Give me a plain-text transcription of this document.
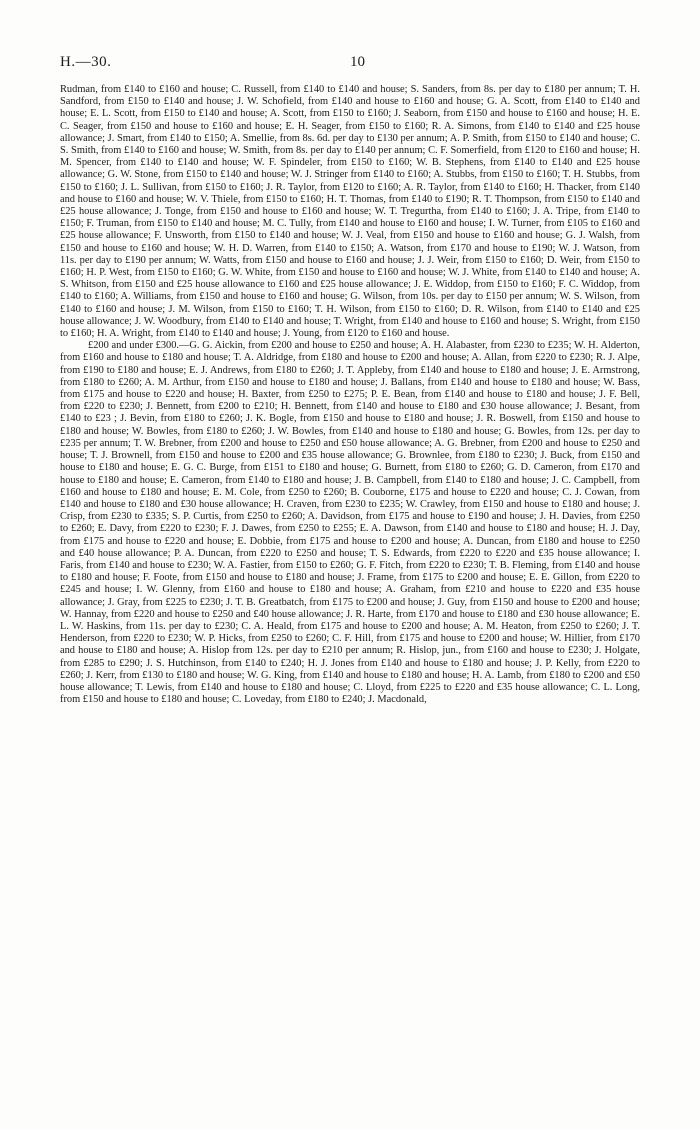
H.—30.	10

Rudman, from £140 to £160 and house; C. Russell, from £140 to £140 and house; S. Sanders, from 8s. per day to £180 per annum; T. H. Sandford, from £150 to £140 and house; J. W. Schofield, from £140 and house to £160 and house; G. A. Scott, from £140 to £140 and house; E. L. Scott, from £150 to £140 and house; A. Scott, from £150 to £160; J. Seaborn, from £150 and house to £160 and house; H. E. C. Seager, from £150 and house to £160 and house; E. H. Seager, from £150 to £160; R. A. Simons, from £140 to £140 and £25 house allowance; J. Smart, from £140 to £150; A. Smellie, from 8s. 6d. per day to £130 per annum; A. P. Smith, from £150 to £140 and house; C. S. Smith, from £140 to £160 and house; W. Smith, from 8s. per day to £140 per annum; C. F. Somerfield, from £120 to £160 and house; H. M. Spencer, from £140 to £140 and house; W. F. Spindeler, from £150 to £160; W. B. Stephens, from £140 to £140 and £25 house allowance; G. W. Stone, from £150 to £140 and house; W. J. Stringer from £140 to £160; A. Stubbs, from £150 to £160; T. H. Stubbs, from £150 to £160; J. L. Sullivan, from £150 to £160; J. R. Taylor, from £120 to £160; A. R. Taylor, from £140 to £160; H. Thacker, from £140 and house to £160 and house; W. V. Thiele, from £150 to £160; H. T. Thomas, from £140 to £190; R. T. Thompson, from £150 to £140 and £25 house allowance; J. Tonge, from £150 and house to £160 and house; W. T. Tregurtha, from £140 to £160; J. A. Tripe, from £140 to £150; F. Truman, from £150 to £140 and house; M. C. Tully, from £140 and house to £160 and house; I. W. Turner, from £105 to £160 and £25 house allowance; F. Unsworth, from £150 to £140 and house; W. J. Veal, from £150 and house to £160 and house; G. J. Walsh, from £150 and house to £160 and house; W. H. D. Warren, from £140 to £150; A. Watson, from £170 and house to £190; W. J. Watson, from 11s. per day to £190 per annum; W. Watts, from £150 and house to £160 and house; J. J. Weir, from £150 to £160; D. Weir, from £150 to £160; H. P. West, from £150 to £160; G. W. White, from £150 and house to £160 and house; W. J. White, from £140 to £140 and house; A. S. Whitson, from £150 and £25 house allowance to £160 and £25 house allowance; J. E. Widdop, from £150 to £160; F. C. Widdop, from £140 to £160; A. Williams, from £150 and house to £160 and house; G. Wilson, from 10s. per day to £150 per annum; W. S. Wilson, from £140 to £160 and house; J. M. Wilson, from £150 to £160; T. H. Wilson, from £150 to £160; D. R. Wilson, from £140 to £140 and £25 house allowance; J. W. Woodbury, from £140 to £140 and house; T. Wright, from £140 and house to £160 and house; S. Wright, from £150 to £160; H. A. Wright, from £140 to £140 and house; J. Young, from £120 to £160 and house.

£200 and under £300.—G. G. Aickin, from £200 and house to £250 and house; A. H. Alabaster, from £230 to £235; W. H. Alderton, from £160 and house to £180 and house; T. A. Aldridge, from £180 and house to £200 and house; A. Allan, from £220 to £230; R. J. Alpe, from £190 to £180 and house; E. J. Andrews, from £180 to £260; J. T. Appleby, from £140 and house to £180 and house; J. E. Armstrong, from £180 to £260; A. M. Arthur, from £150 and house to £180 and house; J. Ballans, from £140 and house to £180 and house; W. Bass, from £175 and house to £220 and house; H. Baxter, from £250 to £275; P. E. Bean, from £140 and house to £180 and house; J. F. Bell, from £220 to £230; J. Bennett, from £200 to £210; H. Bennett, from £140 and house to £180 and £30 house allowance; J. Besant, from £140 to £23 ; J. Bevin, from £180 to £260; J. K. Bogle, from £150 and house to £180 and house; J. R. Boswell, from £150 and house to £180 and house; W. Bowles, from £180 to £260; J. W. Bowles, from £140 and house to £180 and house; G. Bowles, from 12s. per day to £235 per annum; T. W. Brebner, from £200 and house to £250 and £50 house allowance; A. G. Brebner, from £200 and house to £250 and house; T. J. Brownell, from £150 and house to £200 and £35 house allowance; G. Brownlee, from £180 to £230; J. Buck, from £150 and house to £180 and house; E. G. C. Burge, from £151 to £180 and house; G. Burnett, from £180 to £260; G. D. Cameron, from £170 and house to £180 and house; E. Cameron, from £140 to £180 and house; J. B. Campbell, from £140 to £180 and house; J. C. Campbell, from £160 and house to £180 and house; E. M. Cole, from £250 to £260; B. Couborne, £175 and house to £220 and house; C. J. Cowan, from £140 and house to £180 and £30 house allowance; H. Craven, from £230 to £235; W. Crawley, from £150 and house to £180 and house; J. Crisp, from £230 to £335; S. P. Curtis, from £250 to £260; A. Davidson, from £175 and house to £190 and house; J. H. Davies, from £250 to £260; E. Davy, from £220 to £230; F. J. Dawes, from £250 to £255; E. A. Dawson, from £140 and house to £180 and house; H. J. Day, from £175 and house to £220 and house; E. Dobbie, from £175 and house to £200 and house; A. Duncan, from £180 and house to £250 and £40 house allowance; P. A. Duncan, from £220 to £250 and house; T. S. Edwards, from £220 to £220 and £35 house allowance; I. Faris, from £140 and house to £230; W. A. Fastier, from £150 to £260; G. F. Fitch, from £220 to £230; T. B. Fleming, from £140 and house to £180 and house; F. Foote, from £150 and house to £180 and house; J. Frame, from £175 to £200 and house; E. E. Gillon, from £220 to £245 and house; I. W. Glenny, from £160 and house to £180 and house; A. Graham, from £210 and house to £220 and £35 house allowance; J. Gray, from £225 to £230; J. T. B. Greatbatch, from £175 to £200 and house; J. Guy, from £150 and house to £200 and house; W. Hannay, from £220 and house to £250 and £40 house allowance; J. R. Harte, from £170 and house to £180 and £30 house allowance; E. L. W. Haskins, from 11s. per day to £230; C. A. Heald, from £175 and house to £200 and house; A. M. Heaton, from £250 to £260; J. T. Henderson, from £220 to £230; W. P. Hicks, from £250 to £260; C. F. Hill, from £175 and house to £200 and house; W. Hillier, from £170 and house to £180 and house; A. Hislop from 12s. per day to £210 per annum; R. Hislop, jun., from £160 and house to £230; J. Holgate, from £285 to £290; J. S. Hutchinson, from £140 to £240; H. J. Jones from £140 and house to £180 and house; J. P. Kelly, from £220 to £260; J. Kerr, from £130 to £180 and house; W. G. King, from £140 and house to £180 and house; H. A. Lamb, from £180 to £200 and £50 house allowance; T. Lewis, from £140 and house to £180 and house; C. Lloyd, from £225 to £220 and £35 house allowance; C. L. Long, from £150 and house to £180 and house; C. Loveday, from £180 to £240; J. Macdonald,
